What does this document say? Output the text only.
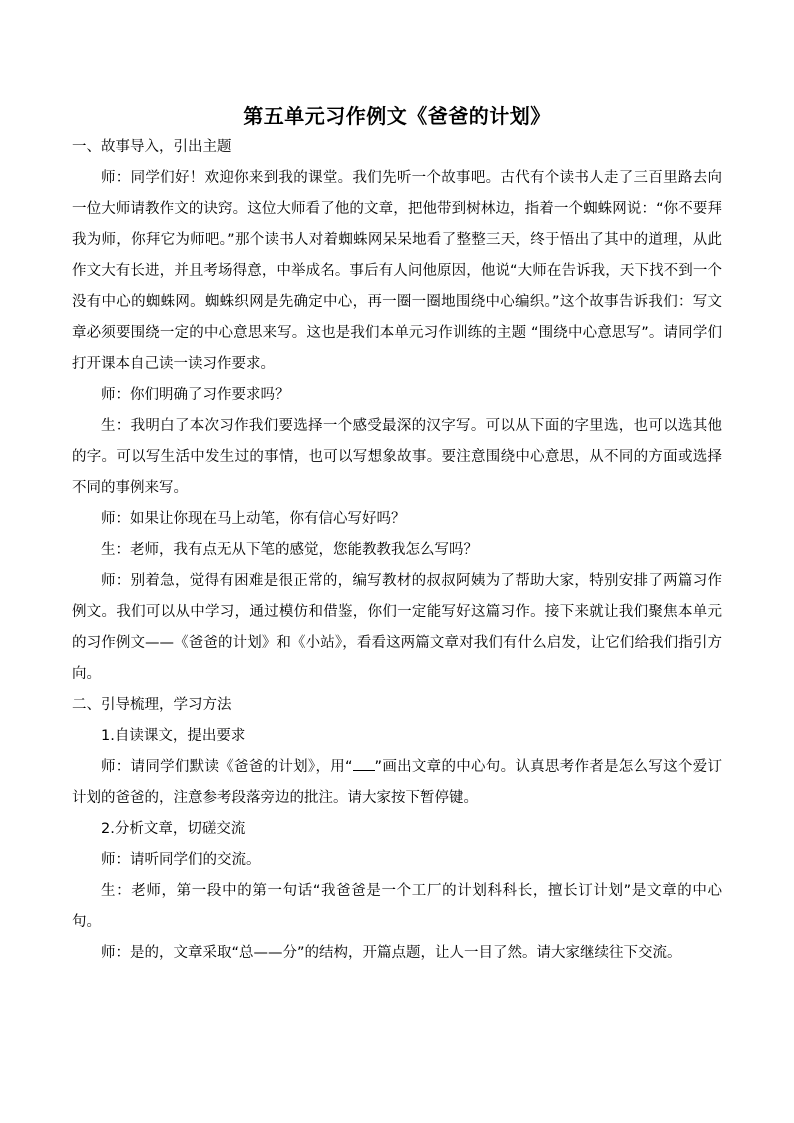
第五单元习作例文《爸爸的计划》

一、故事导入，引出主题

师：同学们好！欢迎你来到我的课堂。我们先听一个故事吧。古代有个读书人走了三百里路去向一位大师请教作文的诀窍。这位大师看了他的文章，把他带到树林边，指着一个蜘蛛网说：“你不要拜我为师，你拜它为师吧。”那个读书人对着蜘蛛网呆呆地看了整整三天，终于悟出了其中的道理，从此作文大有长进，并且考场得意，中举成名。事后有人问他原因，他说“大师在告诉我，天下找不到一个没有中心的蜘蛛网。蜘蛛织网是先确定中心，再一圈一圈地围绕中心编织。”这个故事告诉我们：写文章必须要围绕一定的中心意思来写。这也是我们本单元习作训练的主题 “围绕中心意思写”。请同学们打开课本自己读一读习作要求。

师：你们明确了习作要求吗？

生：我明白了本次习作我们要选择一个感受最深的汉字写。可以从下面的字里选，也可以选其他的字。可以写生活中发生过的事情，也可以写想象故事。要注意围绕中心意思，从不同的方面或选择不同的事例来写。

师：如果让你现在马上动笔，你有信心写好吗？

生：老师，我有点无从下笔的感觉，您能教教我怎么写吗？

师：别着急，觉得有困难是很正常的，编写教材的叔叔阿姨为了帮助大家，特别安排了两篇习作例文。我们可以从中学习，通过模仿和借鉴，你们一定能写好这篇习作。接下来就让我们聚焦本单元的习作例文——《爸爸的计划》和《小站》，看看这两篇文章对我们有什么启发，让它们给我们指引方向。

二、引导梳理，学习方法

1.自读课文，提出要求

师：请同学们默读《爸爸的计划》，用“ ”画出文章的中心句。认真思考作者是怎么写这个爱订计划的爸爸的，注意参考段落旁边的批注。请大家按下暂停键。

2.分析文章，切磋交流

师：请听同学们的交流。

生：老师，第一段中的第一句话“我爸爸是一个工厂的计划科科长，擅长订计划”是文章的中心句。

师：是的，文章采取“总——分”的结构，开篇点题，让人一目了然。请大家继续往下交流。
